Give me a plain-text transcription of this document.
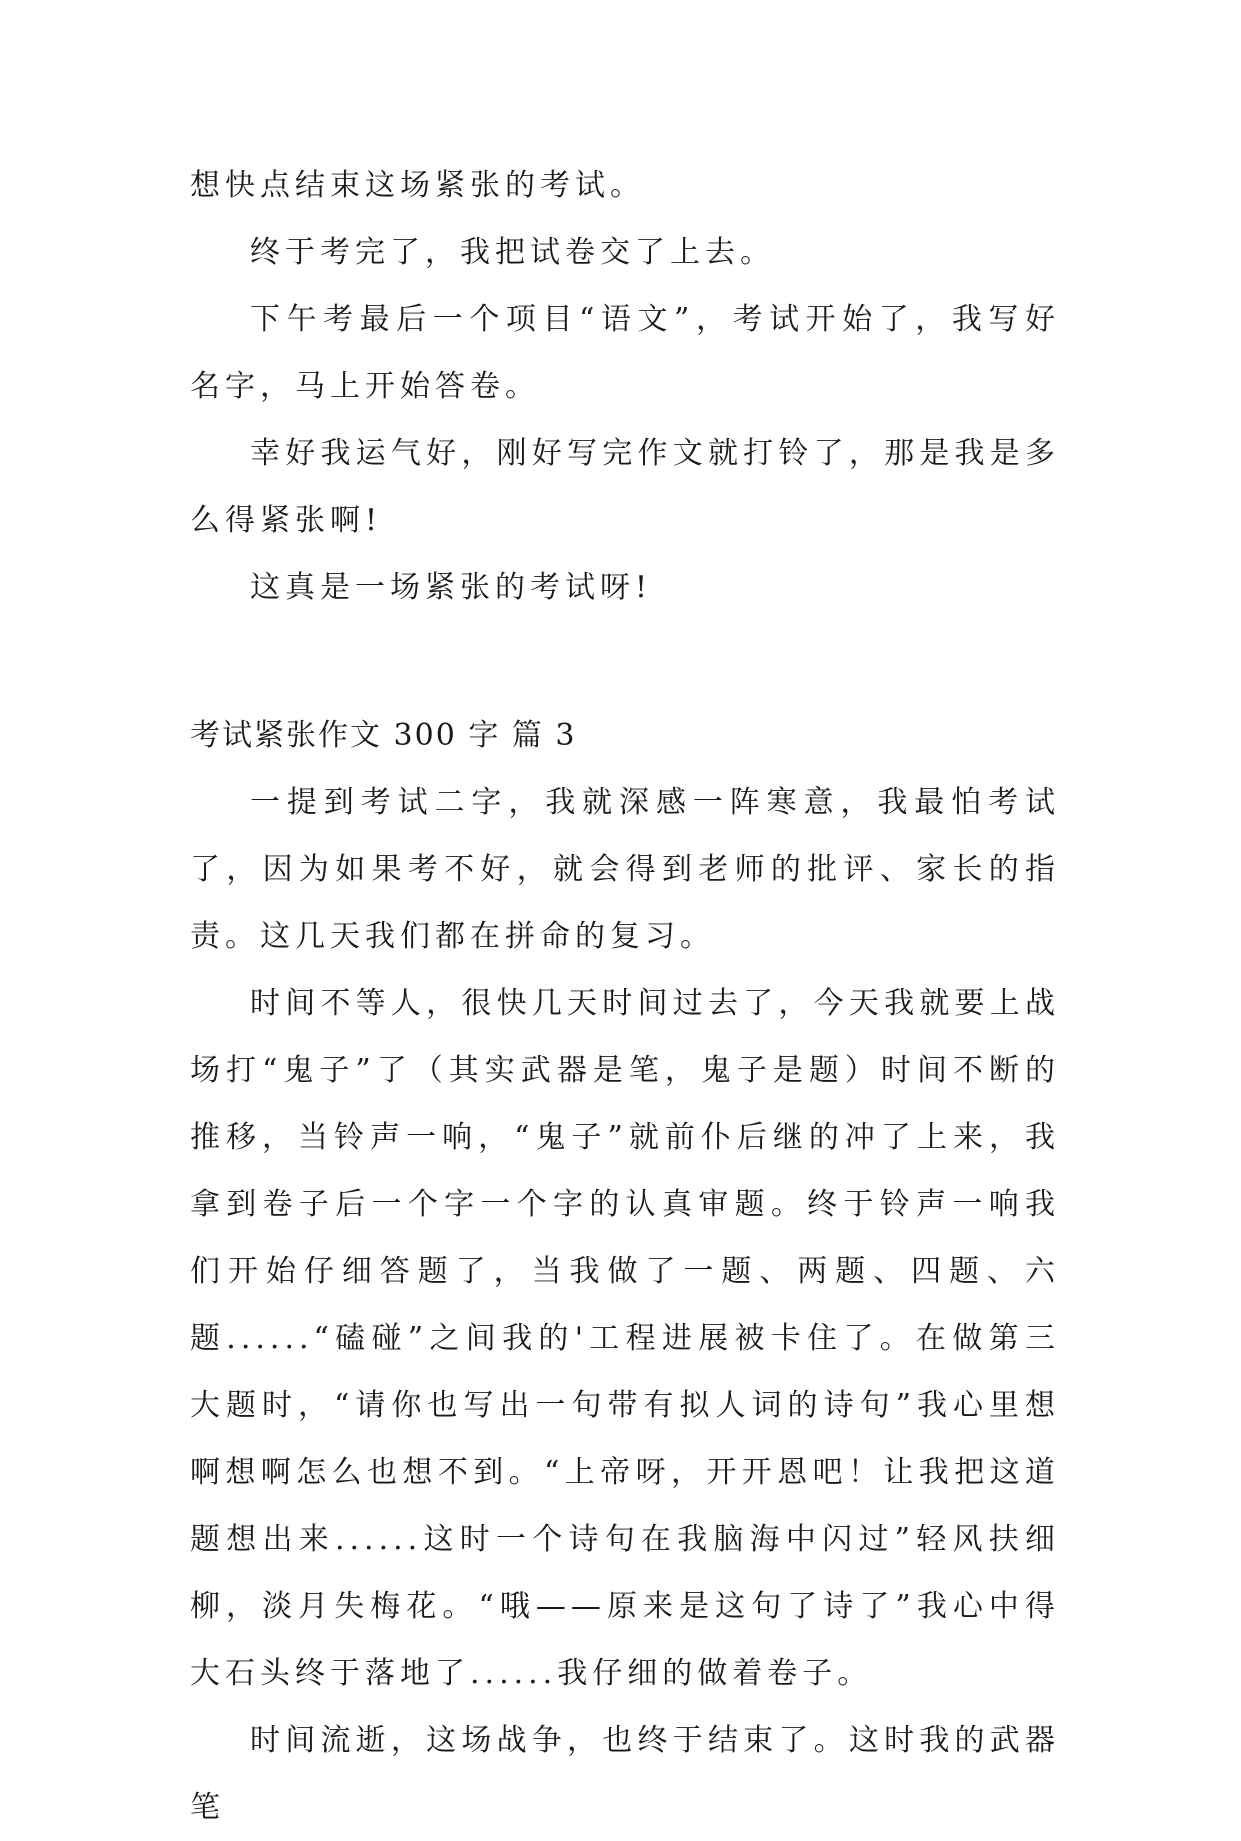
想快点结束这场紧张的考试。

终于考完了，我把试卷交了上去。

下午考最后一个项目“语文”，考试开始了，我写好名字，马上开始答卷。

幸好我运气好，刚好写完作文就打铃了，那是我是多么得紧张啊!

这真是一场紧张的考试呀!

考试紧张作文 300 字 篇 3

一提到考试二字，我就深感一阵寒意，我最怕考试了，因为如果考不好，就会得到老师的批评、家长的指责。这几天我们都在拼命的复习。

时间不等人，很快几天时间过去了，今天我就要上战场打“鬼子”了（其实武器是笔，鬼子是题）时间不断的推移，当铃声一响，“鬼子”就前仆后继的冲了上来，我拿到卷子后一个字一个字的认真审题。终于铃声一响我们开始仔细答题了，当我做了一题、两题、四题、六题......“磕碰”之间我的'工程进展被卡住了。在做第三大题时，“请你也写出一句带有拟人词的诗句”我心里想啊想啊怎么也想不到。“上帝呀，开开恩吧！让我把这道题想出来......这时一个诗句在我脑海中闪过”轻风扶细柳，淡月失梅花。“哦——原来是这句了诗了”我心中得大石头终于落地了......我仔细的做着卷子。

时间流逝，这场战争，也终于结束了。这时我的武器笔
